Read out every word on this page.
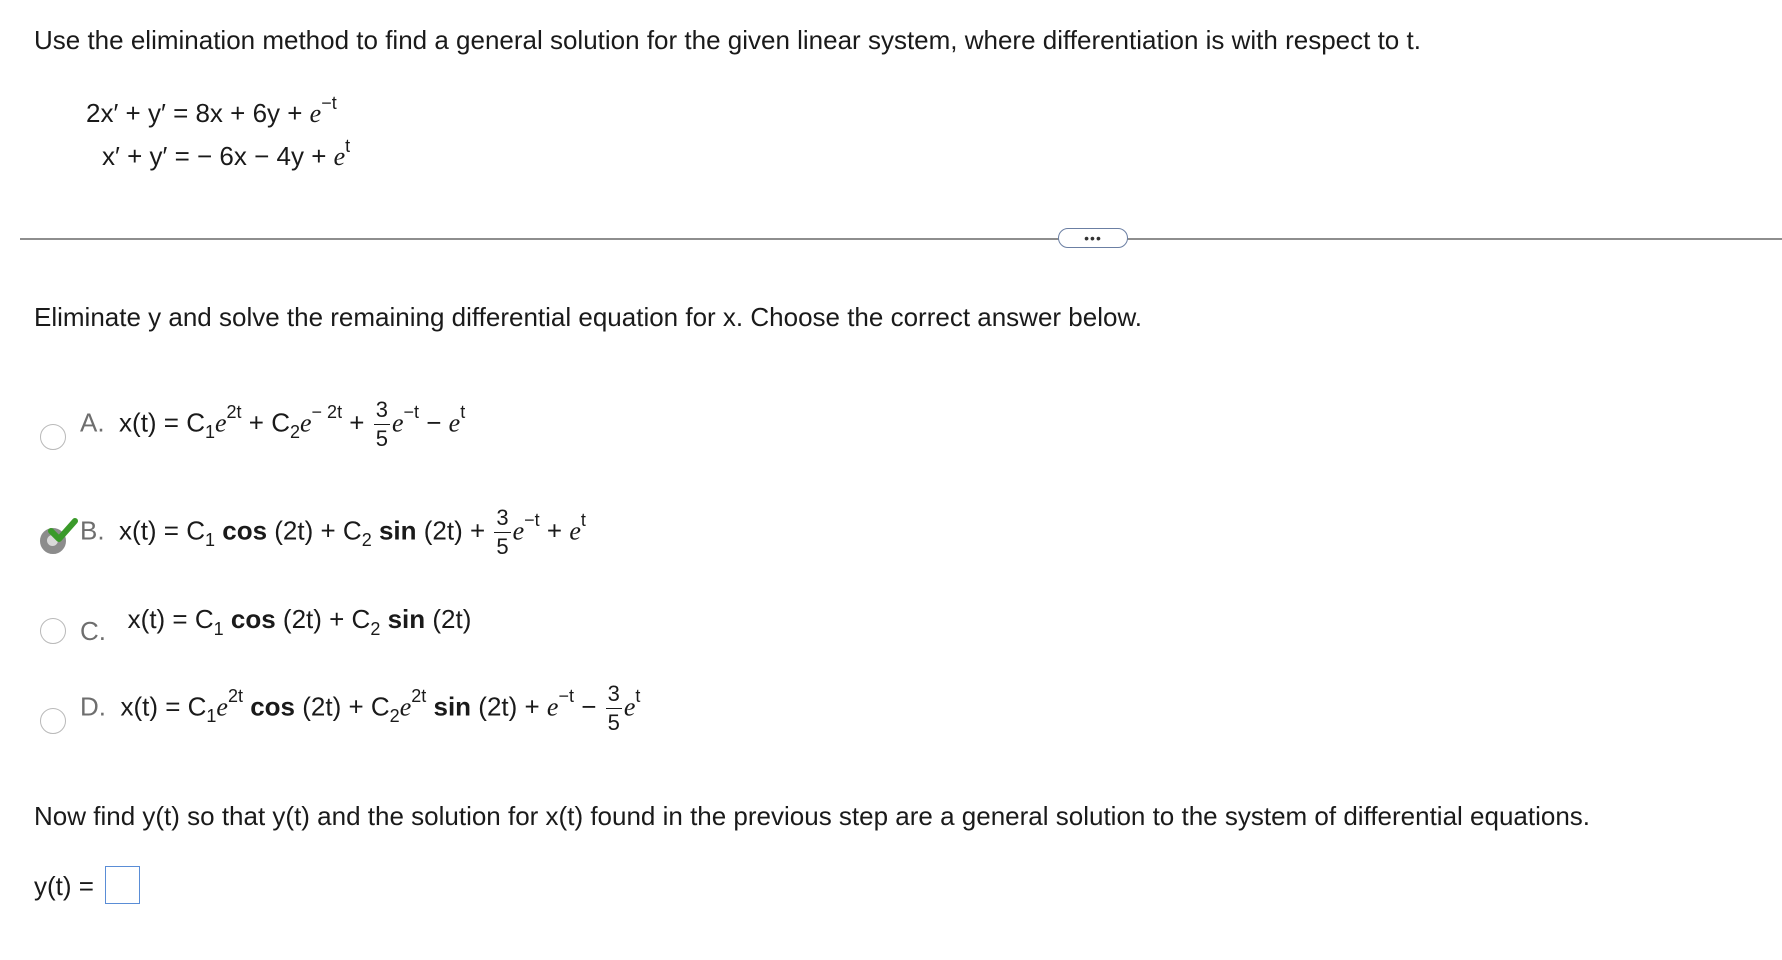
Use the elimination method to find a general solution for the given linear system, where differentiation is with respect to t.
$2x' + y' = 8x + 6y + e^{-t}$
x′ + y′ = − $6x - 4y + e^t$
•••
Eliminate y and solve the remaining differential equation for x. Choose the correct answer below.
A. $x(t) = C_1e^{2t} + C_2e^{- 2t} + \frac{3}{5} e^{-t} - e^t$
B. $x(t) = C_1$ $\cos (2t) + C_2$ $\sin (2t) + \frac{3}{5} e^{-t} + e^t$
C. $x(t) = C_1$ $\cos (2t) + C_2$ sin (2t)
D. $x(t) = C_1e^{2t}$ $\cos (2t) + C_2e^{2t}$ $\sin (2t) + e^{-t} - \frac{3}{5} e^t$
Now find y(t) so that y(t) and the solution for x(t) found in the previous step are a general solution to the system of differential equations.
y(t) =
